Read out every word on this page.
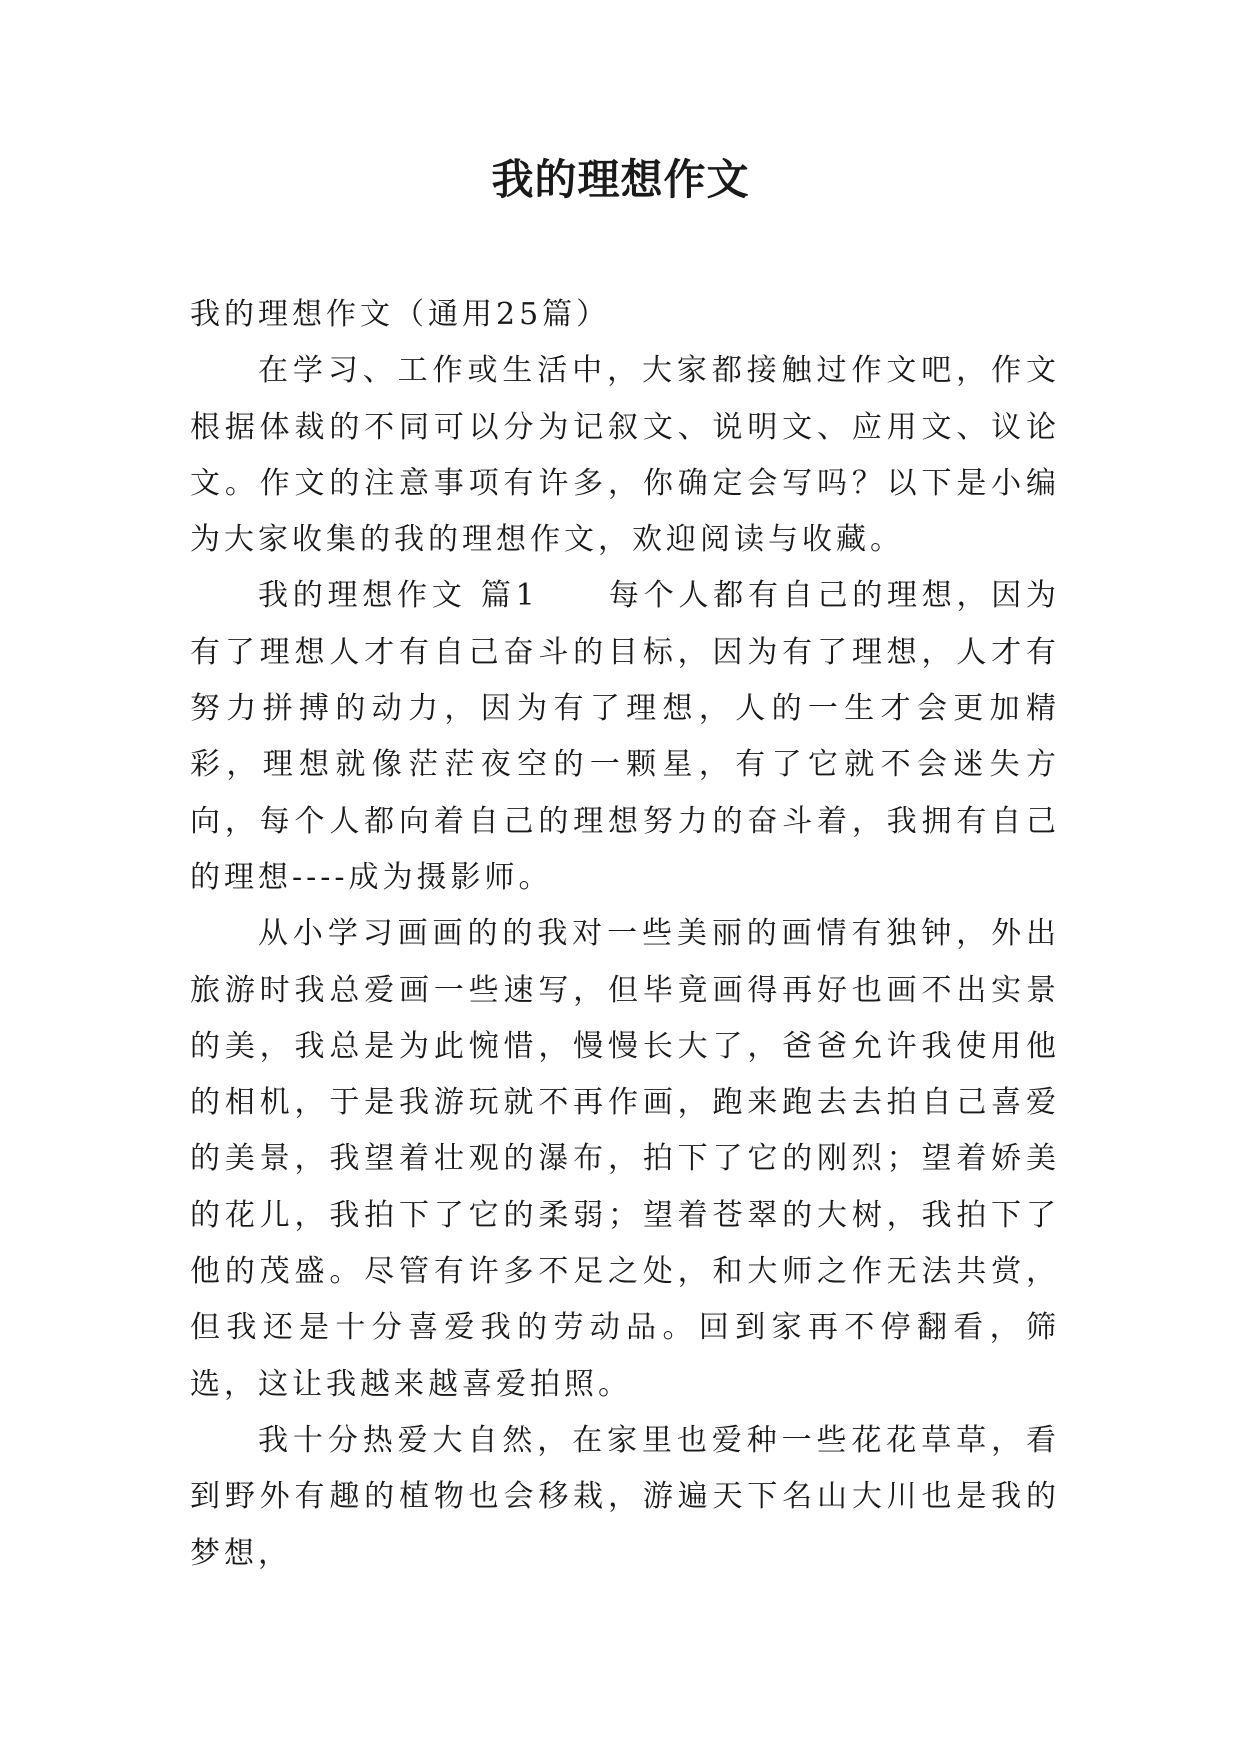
我的理想作文

我的理想作文（通用25篇）

在学习、工作或生活中，大家都接触过作文吧，作文根据体裁的不同可以分为记叙文、说明文、应用文、议论文。作文的注意事项有许多，你确定会写吗？以下是小编为大家收集的我的理想作文，欢迎阅读与收藏。

我的理想作文 篇1　　每个人都有自己的理想，因为有了理想人才有自己奋斗的目标，因为有了理想，人才有努力拼搏的动力，因为有了理想，人的一生才会更加精彩，理想就像茫茫夜空的一颗星，有了它就不会迷失方向，每个人都向着自己的理想努力的奋斗着，我拥有自己的理想----成为摄影师。

从小学习画画的的我对一些美丽的画情有独钟，外出旅游时我总爱画一些速写，但毕竟画得再好也画不出实景的美，我总是为此惋惜，慢慢长大了，爸爸允许我使用他的相机，于是我游玩就不再作画，跑来跑去去拍自己喜爱的美景，我望着壮观的瀑布，拍下了它的刚烈；望着娇美的花儿，我拍下了它的柔弱；望着苍翠的大树，我拍下了他的茂盛。尽管有许多不足之处，和大师之作无法共赏，但我还是十分喜爱我的劳动品。回到家再不停翻看，筛选，这让我越来越喜爱拍照。

我十分热爱大自然，在家里也爱种一些花花草草，看到野外有趣的植物也会移栽，游遍天下名山大川也是我的梦想，
